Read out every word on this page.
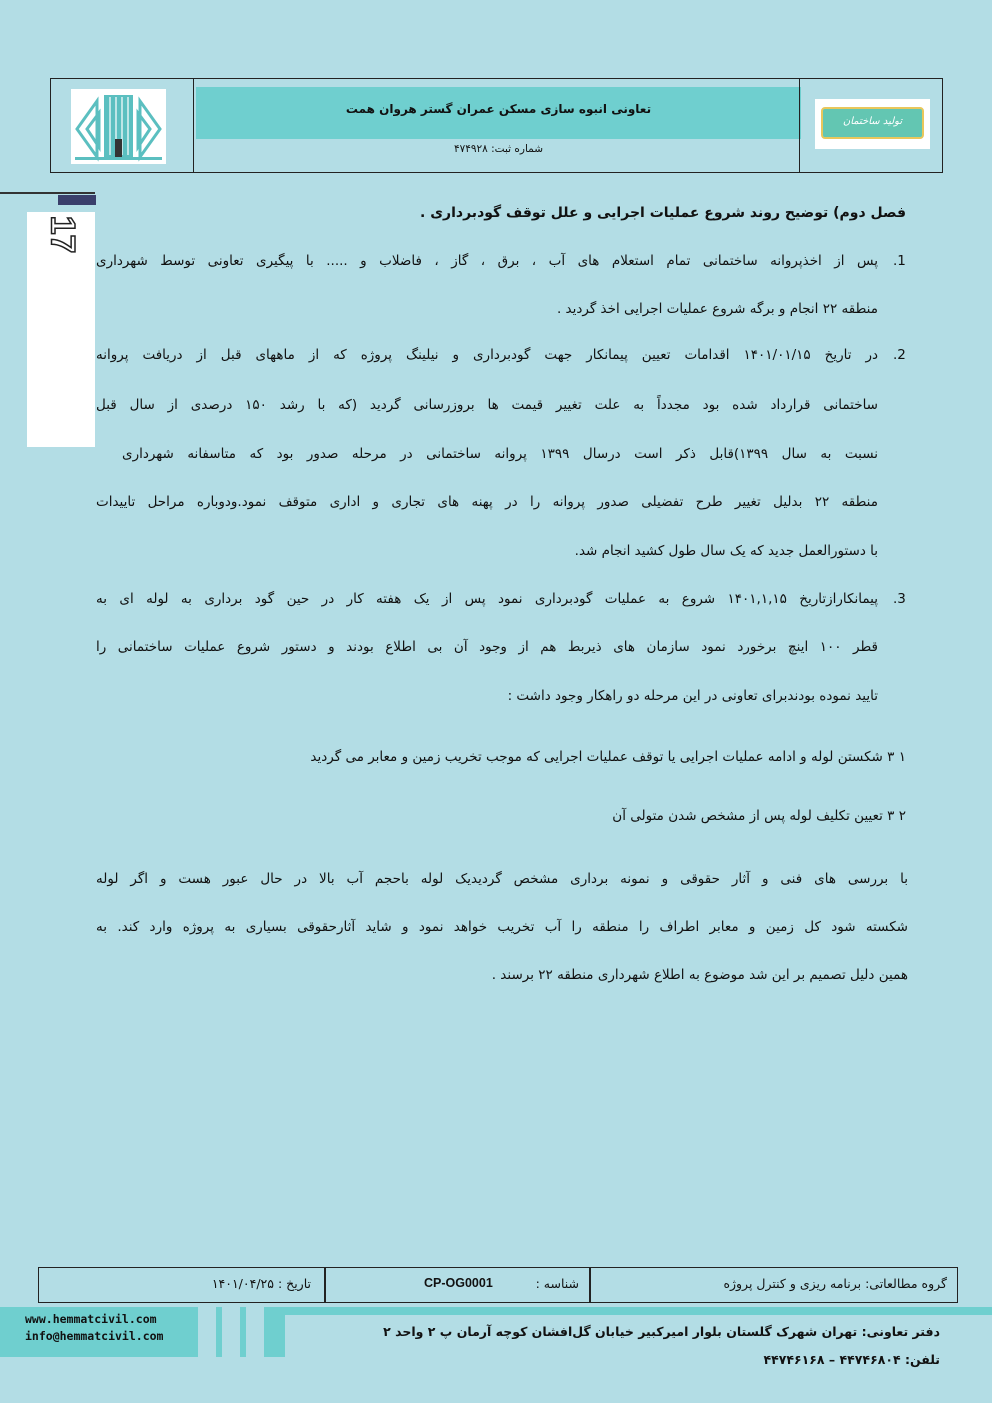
تعاونی انبوه سازی مسکن عمران گستر هروان همت
شماره ثبت: ۴۷۴۹۲۸
تولید ساختمان
17
فصل دوم) توضیح روند شروع عملیات اجرایی و علل توقف گودبرداری .
.1
پس از اخذپروانه ساختمانی تمام استعلام های آب ، برق ، گاز ، فاضلاب و ..... با پیگیری تعاونی توسط شهرداری
منطقه ۲۲ انجام و برگه شروع عملیات اجرایی اخذ گردید .
.2
در تاریخ ۱۴۰۱/۰۱/۱۵ اقدامات تعیین پیمانکار جهت گودبرداری و نیلینگ پروژه که از ماههای قبل از دریافت پروانه
ساختمانی قرارداد شده بود مجدداً به علت تغییر قیمت ها بروزرسانی گردید (که با رشد ۱۵۰ درصدی از سال قبل
نسبت به سال ۱۳۹۹)قابل ذکر است درسال ۱۳۹۹ پروانه ساختمانی در مرحله صدور بود که متاسفانه شهرداری
منطقه ۲۲ بدلیل تغییر طرح تفضیلی صدور پروانه را در پهنه های تجاری و اداری متوقف نمود.ودوباره مراحل تاییدات
با دستورالعمل جدید که یک سال طول کشید انجام شد.
.3
پیمانکارازتاریخ ۱۴۰۱,۱,۱۵ شروع به عملیات گودبرداری نمود پس از یک هفته کار در حین گود برداری به لوله ای به
قطر ۱۰۰ اینچ برخورد نمود سازمان های ذیربط هم از وجود آن بی اطلاع بودند و دستور شروع عملیات ساختمانی را
تایید نموده بودندبرای تعاونی در این مرحله دو راهکار وجود داشت :
۱ ۳ شکستن لوله و ادامه عملیات اجرایی یا توقف عملیات اجرایی که موجب تخریب زمین و معابر می گردید
۲ ۳ تعیین تکلیف لوله پس از مشخص شدن متولی آن
با بررسی های فنی و آثار حقوقی و نمونه برداری مشخص گردیدیک لوله باحجم آب بالا در حال عبور هست و اگر لوله
شکسته شود کل زمین و معابر اطراف را منطقه را آب تخریب خواهد نمود و شاید آثارحقوقی بسیاری به پروژه وارد کند. به
همین دلیل تصمیم بر این شد موضوع به اطلاع شهرداری منطقه ۲۲ برسند .
گروه مطالعاتی: برنامه ریزی و کنترل پروژه
شناسه :
CP-OG0001
تاریخ : ۱۴۰۱/۰۴/۲۵
www.hemmatcivil.com
info@hemmatcivil.com	دفتر تعاونی: تهران شهرک گلستان بلوار امیرکبیر خیابان گل‌افشان کوچه آرمان پ ۲ واحد ۲
تلفن: ۴۴۷۴۶۸۰۴ – ۴۴۷۴۶۱۶۸
